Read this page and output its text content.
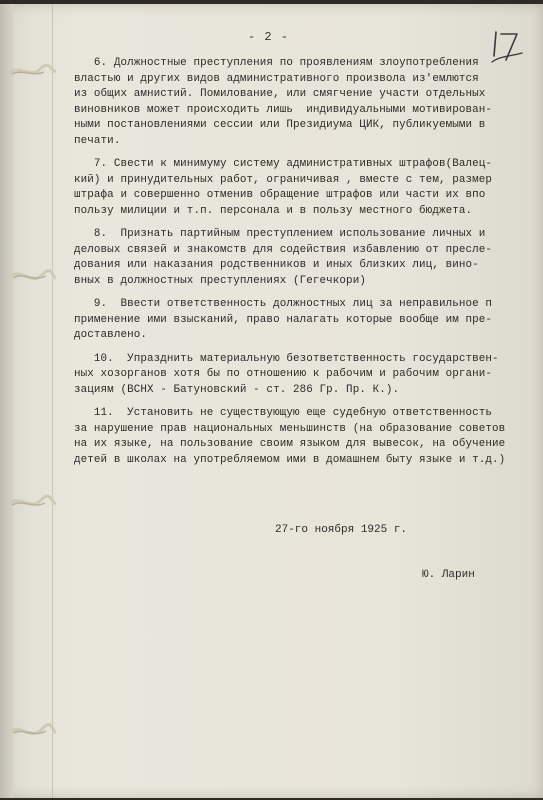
- 2 -
6. Должностные преступления по проявлениям злоупотребления
властью и других видов административного произвола из'емлются
из общих амнистий. Помилование, или смягчение участи отдельных
виновников может происходить лишь  индивидуальными мотивирован-
ными постановлениями сессии или Президиума ЦИК, публикуемыми в
печати.
7. Свести к минимуму систему административных штрафов(Валец-
кий) и принудительных работ, ограничивая , вместе с тем, размер
штрафа и совершенно отменив обращение штрафов или части их впо
пользу милиции и т.п. персонала и в пользу местного бюджета.
8.  Признать партийным преступлением использование личных и
деловых связей и знакомств для содействия избавлению от пресле-
дования или наказания родственников и иных близких лиц, вино-
вных в должностных преступлениях (Гегечкори)
9.  Ввести ответственность должностных лиц за неправильное п
применение ими взысканий, право налагать которые вообще им пре-
доставлено.
10.  Упразднить материальную безответственность государствен-
ных хозорганов хотя бы по отношению к рабочим и рабочим органи-
зациям (ВСНХ - Батуновский - ст. 286 Гр. Пр. К.).
11.  Установить не существующую еще судебную ответственность
за нарушение прав национальных меньшинств (на образование советов
на их языке, на пользование своим языком для вывесок, на обучение
детей в школах на употребляемом ими в домашнем быту языке и т.д.)
27-го ноября 1925 г.
Ю. Ларин
